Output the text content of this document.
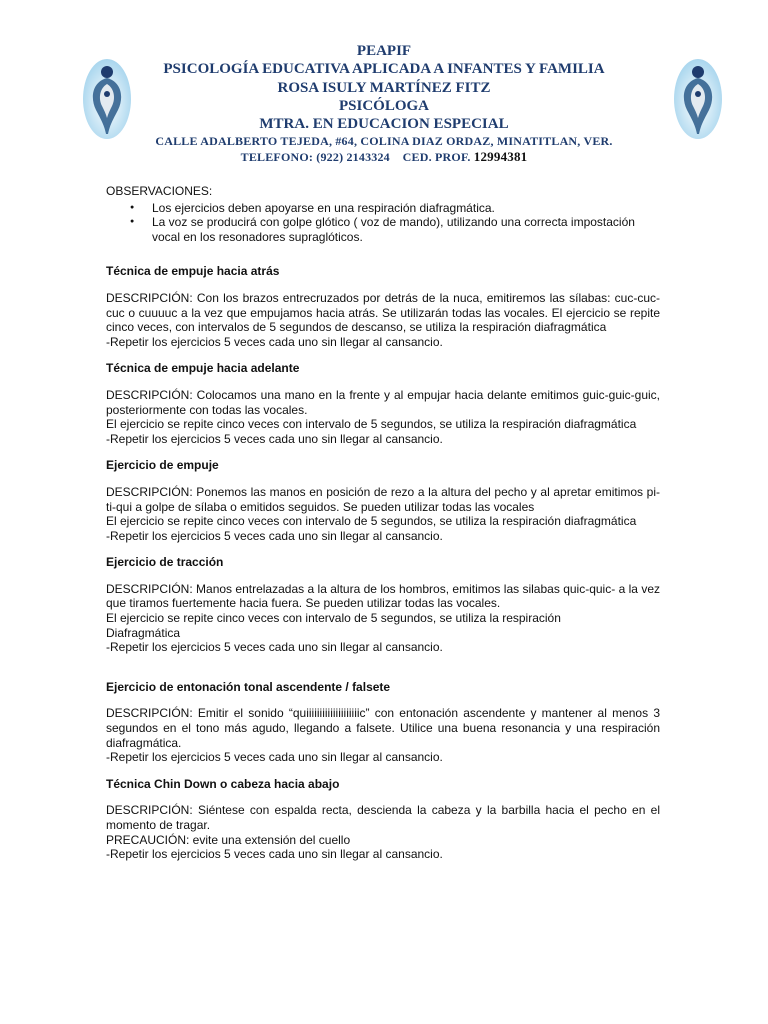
PEAPIF
PSICOLOGÍA EDUCATIVA APLICADA A INFANTES Y FAMILIA
ROSA ISULY MARTÍNEZ FITZ
PSICÓLOGA
MTRA. EN EDUCACION ESPECIAL
CALLE ADALBERTO TEJEDA, #64, COLINA DIAZ ORDAZ, MINATITLAN, VER.
TELEFONO: (922) 2143324    CED. PROF. 12994381

OBSERVACIONES:

● Los ejercicios deben apoyarse en una respiración diafragmática.
● La voz se producirá con golpe glótico ( voz de mando), utilizando una correcta impostación vocal en los resonadores supraglóticos.

Técnica de empuje hacia atrás

DESCRIPCIÓN: Con los brazos entrecruzados por detrás de la nuca, emitiremos las sílabas: cuc-cuc-cuc o cuuuuc a la vez que empujamos hacia atrás. Se utilizarán todas las vocales. El ejercicio se repite cinco veces, con intervalos de 5 segundos de descanso, se utiliza la respiración diafragmática

-Repetir los ejercicios 5 veces cada uno sin llegar al cansancio.

Técnica de empuje hacia adelante

DESCRIPCIÓN: Colocamos una mano en la frente y al empujar hacia delante emitimos guic-guic-guic, posteriormente con todas las vocales.

El ejercicio se repite cinco veces con intervalo de 5 segundos, se utiliza la respiración diafragmática

-Repetir los ejercicios 5 veces cada uno sin llegar al cansancio.

Ejercicio de empuje

DESCRIPCIÓN: Ponemos las manos en posición de rezo a la altura del pecho y al apretar emitimos pi-ti-qui a golpe de sílaba o emitidos seguidos. Se pueden utilizar todas las vocales

El ejercicio se repite cinco veces con intervalo de 5 segundos, se utiliza la respiración diafragmática

-Repetir los ejercicios 5 veces cada uno sin llegar al cansancio.

Ejercicio de tracción

DESCRIPCIÓN: Manos entrelazadas a la altura de los hombros, emitimos las silabas quic-quic- a la vez que tiramos fuertemente hacia fuera. Se pueden utilizar todas las vocales.

El ejercicio se repite cinco veces con intervalo de 5 segundos, se utiliza la respiración

Diafragmática

-Repetir los ejercicios 5 veces cada uno sin llegar al cansancio.

Ejercicio de entonación tonal ascendente / falsete

DESCRIPCIÓN: Emitir el sonido “quiiiiiiiiiiiiiiiiiiiic” con entonación ascendente y mantener al menos 3 segundos en el tono más agudo, llegando a falsete. Utilice una buena resonancia y una respiración diafragmática.

-Repetir los ejercicios 5 veces cada uno sin llegar al cansancio.

Técnica Chin Down o cabeza hacia abajo

DESCRIPCIÓN: Siéntese con espalda recta, descienda la cabeza y la barbilla hacia el pecho en el momento de tragar.

PRECAUCIÓN: evite una extensión del cuello

-Repetir los ejercicios 5 veces cada uno sin llegar al cansancio.
